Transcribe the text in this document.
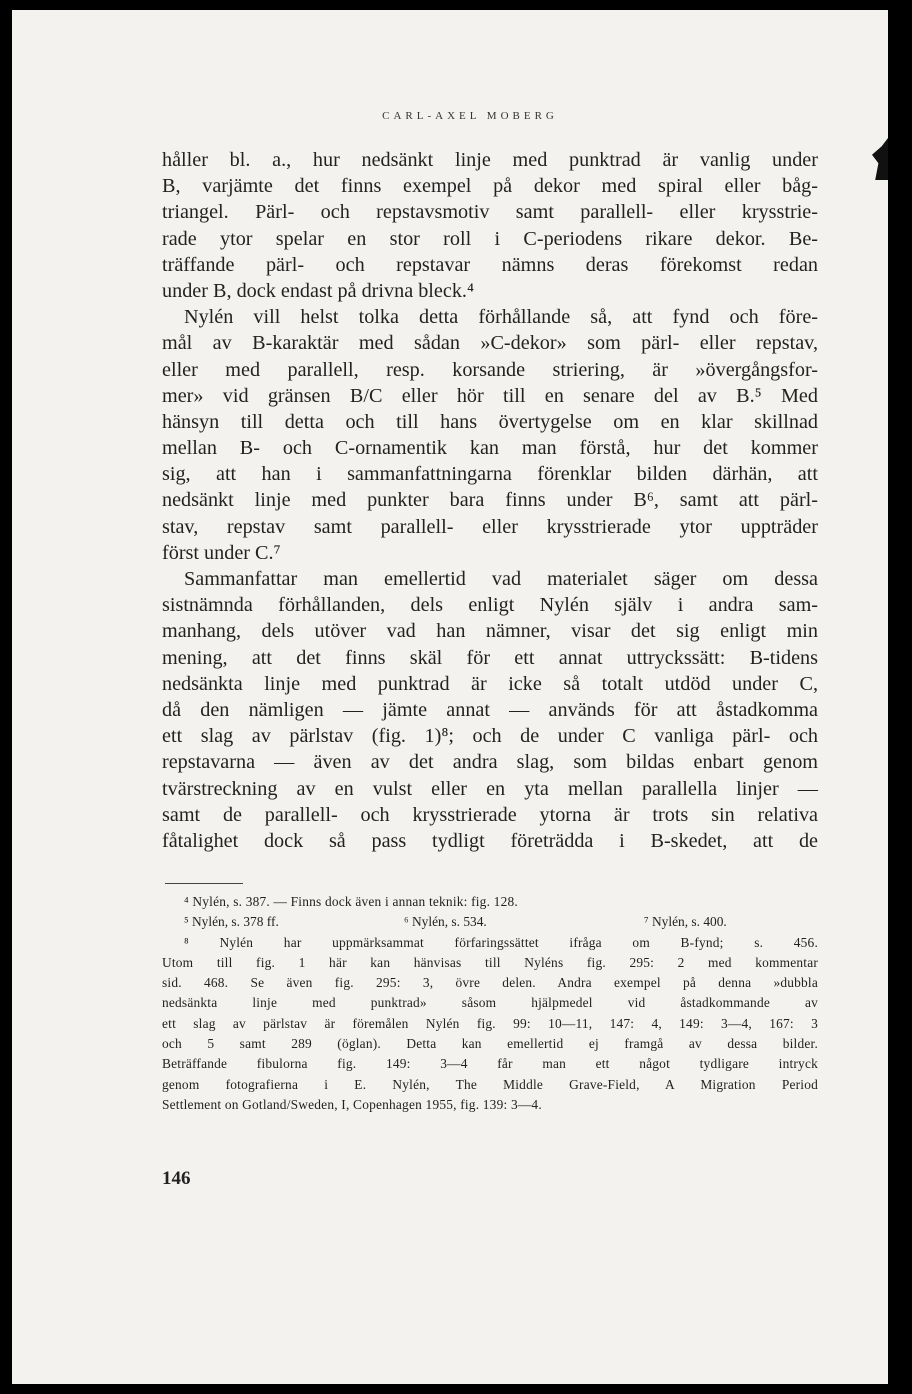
CARL-AXEL MOBERG
håller bl. a., hur nedsänkt linje med punktrad är vanlig under
B, varjämte det finns exempel på dekor med spiral eller båg-
triangel. Pärl- och repstavsmotiv samt parallell- eller krysstrie-
rade ytor spelar en stor roll i C-periodens rikare dekor. Be-
träffande pärl- och repstavar nämns deras förekomst redan
under B, dock endast på drivna bleck.⁴
Nylén vill helst tolka detta förhållande så, att fynd och före-
mål av B-karaktär med sådan »C-dekor» som pärl- eller repstav,
eller med parallell, resp. korsande striering, är »övergångsfor-
mer» vid gränsen B/C eller hör till en senare del av B.⁵ Med
hänsyn till detta och till hans övertygelse om en klar skillnad
mellan B- och C-ornamentik kan man förstå, hur det kommer
sig, att han i sammanfattningarna förenklar bilden därhän, att
nedsänkt linje med punkter bara finns under B⁶, samt att pärl-
stav, repstav samt parallell- eller krysstrierade ytor uppträder
först under C.⁷
Sammanfattar man emellertid vad materialet säger om dessa
sistnämnda förhållanden, dels enligt Nylén själv i andra sam-
manhang, dels utöver vad han nämner, visar det sig enligt min
mening, att det finns skäl för ett annat uttryckssätt: B-tidens
nedsänkta linje med punktrad är icke så totalt utdöd under C,
då den nämligen — jämte annat — används för att åstadkomma
ett slag av pärlstav (fig. 1)⁸; och de under C vanliga pärl- och
repstavarna — även av det andra slag, som bildas enbart genom
tvärstreckning av en vulst eller en yta mellan parallella linjer —
samt de parallell- och krysstrierade ytorna är trots sin relativa
fåtalighet dock så pass tydligt företrädda i B-skedet, att de
⁴ Nylén, s. 387. — Finns dock även i annan teknik: fig. 128.
⁵ Nylén, s. 378 ff.	⁶ Nylén, s. 534.	⁷ Nylén, s. 400.
⁸ Nylén har uppmärksammat förfaringssättet ifråga om B-fynd; s. 456.
Utom till fig. 1 här kan hänvisas till Nyléns fig. 295: 2 med kommentar
sid. 468. Se även fig. 295: 3, övre delen. Andra exempel på denna »dubbla
nedsänkta linje med punktrad» såsom hjälpmedel vid åstadkommande av
ett slag av pärlstav är föremålen Nylén fig. 99: 10—11, 147: 4, 149: 3—4, 167: 3
och 5 samt 289 (öglan). Detta kan emellertid ej framgå av dessa bilder.
Beträffande fibulorna fig. 149: 3—4 får man ett något tydligare intryck
genom fotografierna i E. Nylén, The Middle Grave-Field, A Migration Period
Settlement on Gotland/Sweden, I, Copenhagen 1955, fig. 139: 3—4.
146
